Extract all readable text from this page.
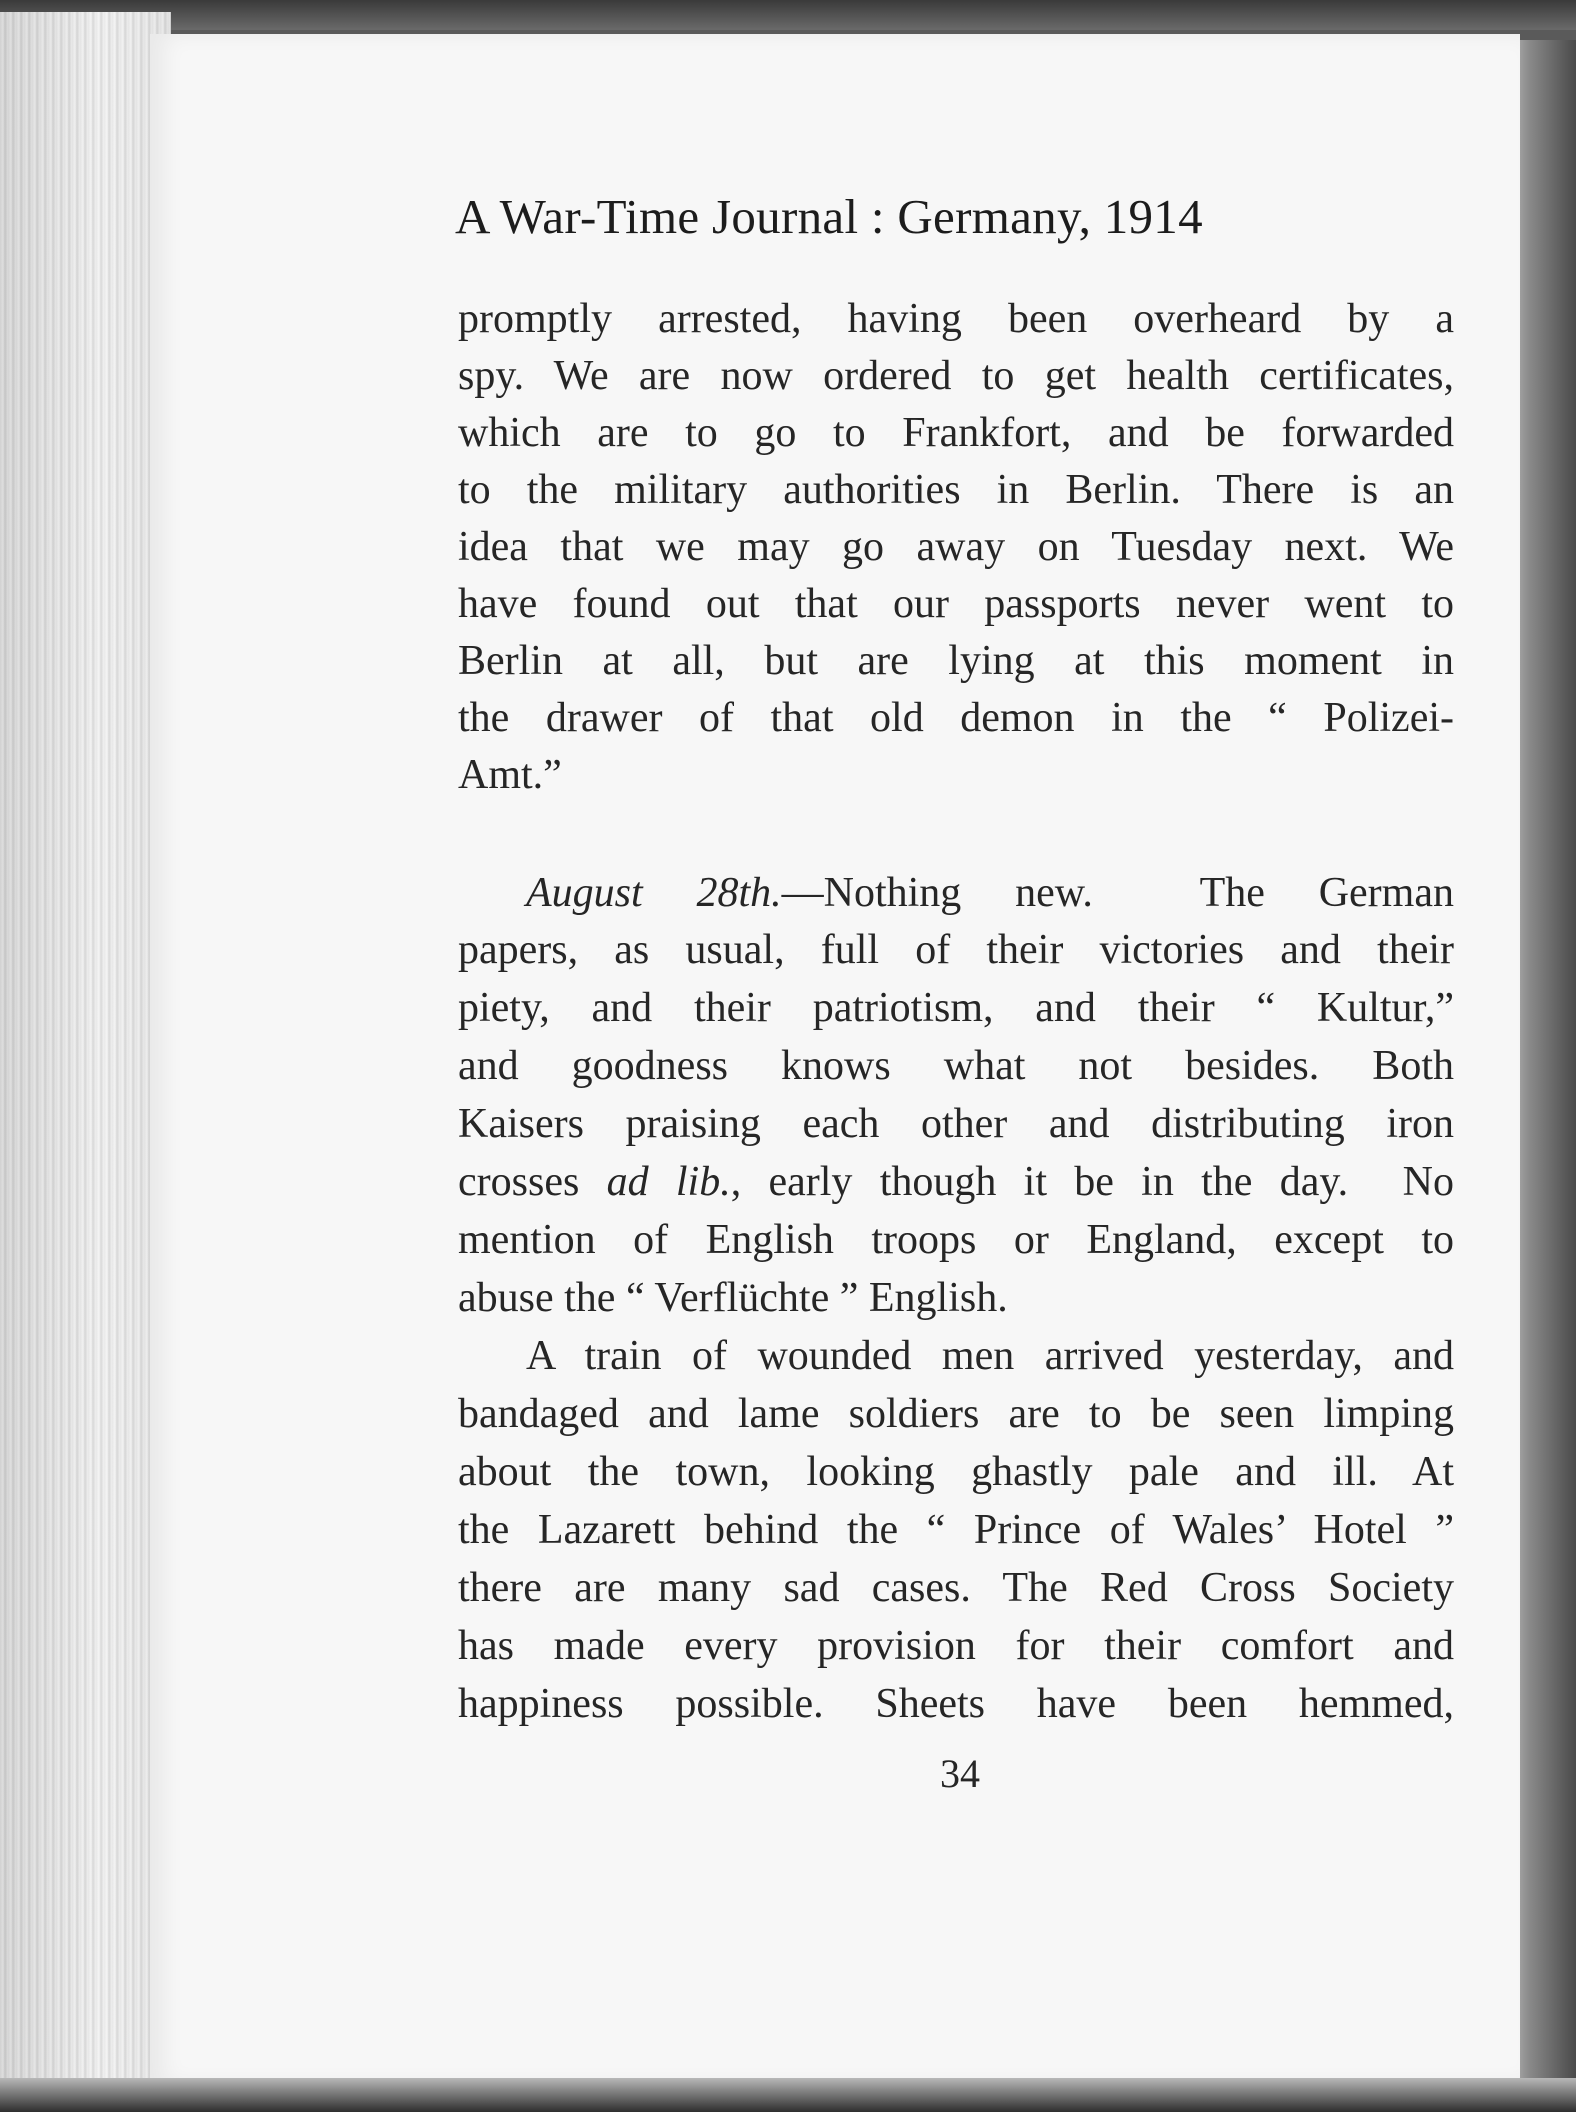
A War-Time Journal : Germany, 1914
promptly arrested, having been overheard by a
spy. We are now ordered to get health certificates,
which are to go to Frankfort, and be forwarded
to the military authorities in Berlin. There is an
idea that we may go away on Tuesday next. We
have found out that our passports never went to
Berlin at all, but are lying at this moment in
the drawer of that old demon in the “ Polizei-
Amt.”
August 28th.—Nothing new.  The German
papers, as usual, full of their victories and their
piety, and their patriotism, and their “ Kultur,”
and goodness knows what not besides. Both
Kaisers praising each other and distributing iron
crosses ad lib., early though it be in the day.  No
mention of English troops or England, except to
abuse the “ Verflüchte ” English.
A train of wounded men arrived yesterday, and
bandaged and lame soldiers are to be seen limping
about the town, looking ghastly pale and ill. At
the Lazarett behind the “ Prince of Wales’ Hotel ”
there are many sad cases. The Red Cross Society
has made every provision for their comfort and
happiness possible. Sheets have been hemmed,
34
